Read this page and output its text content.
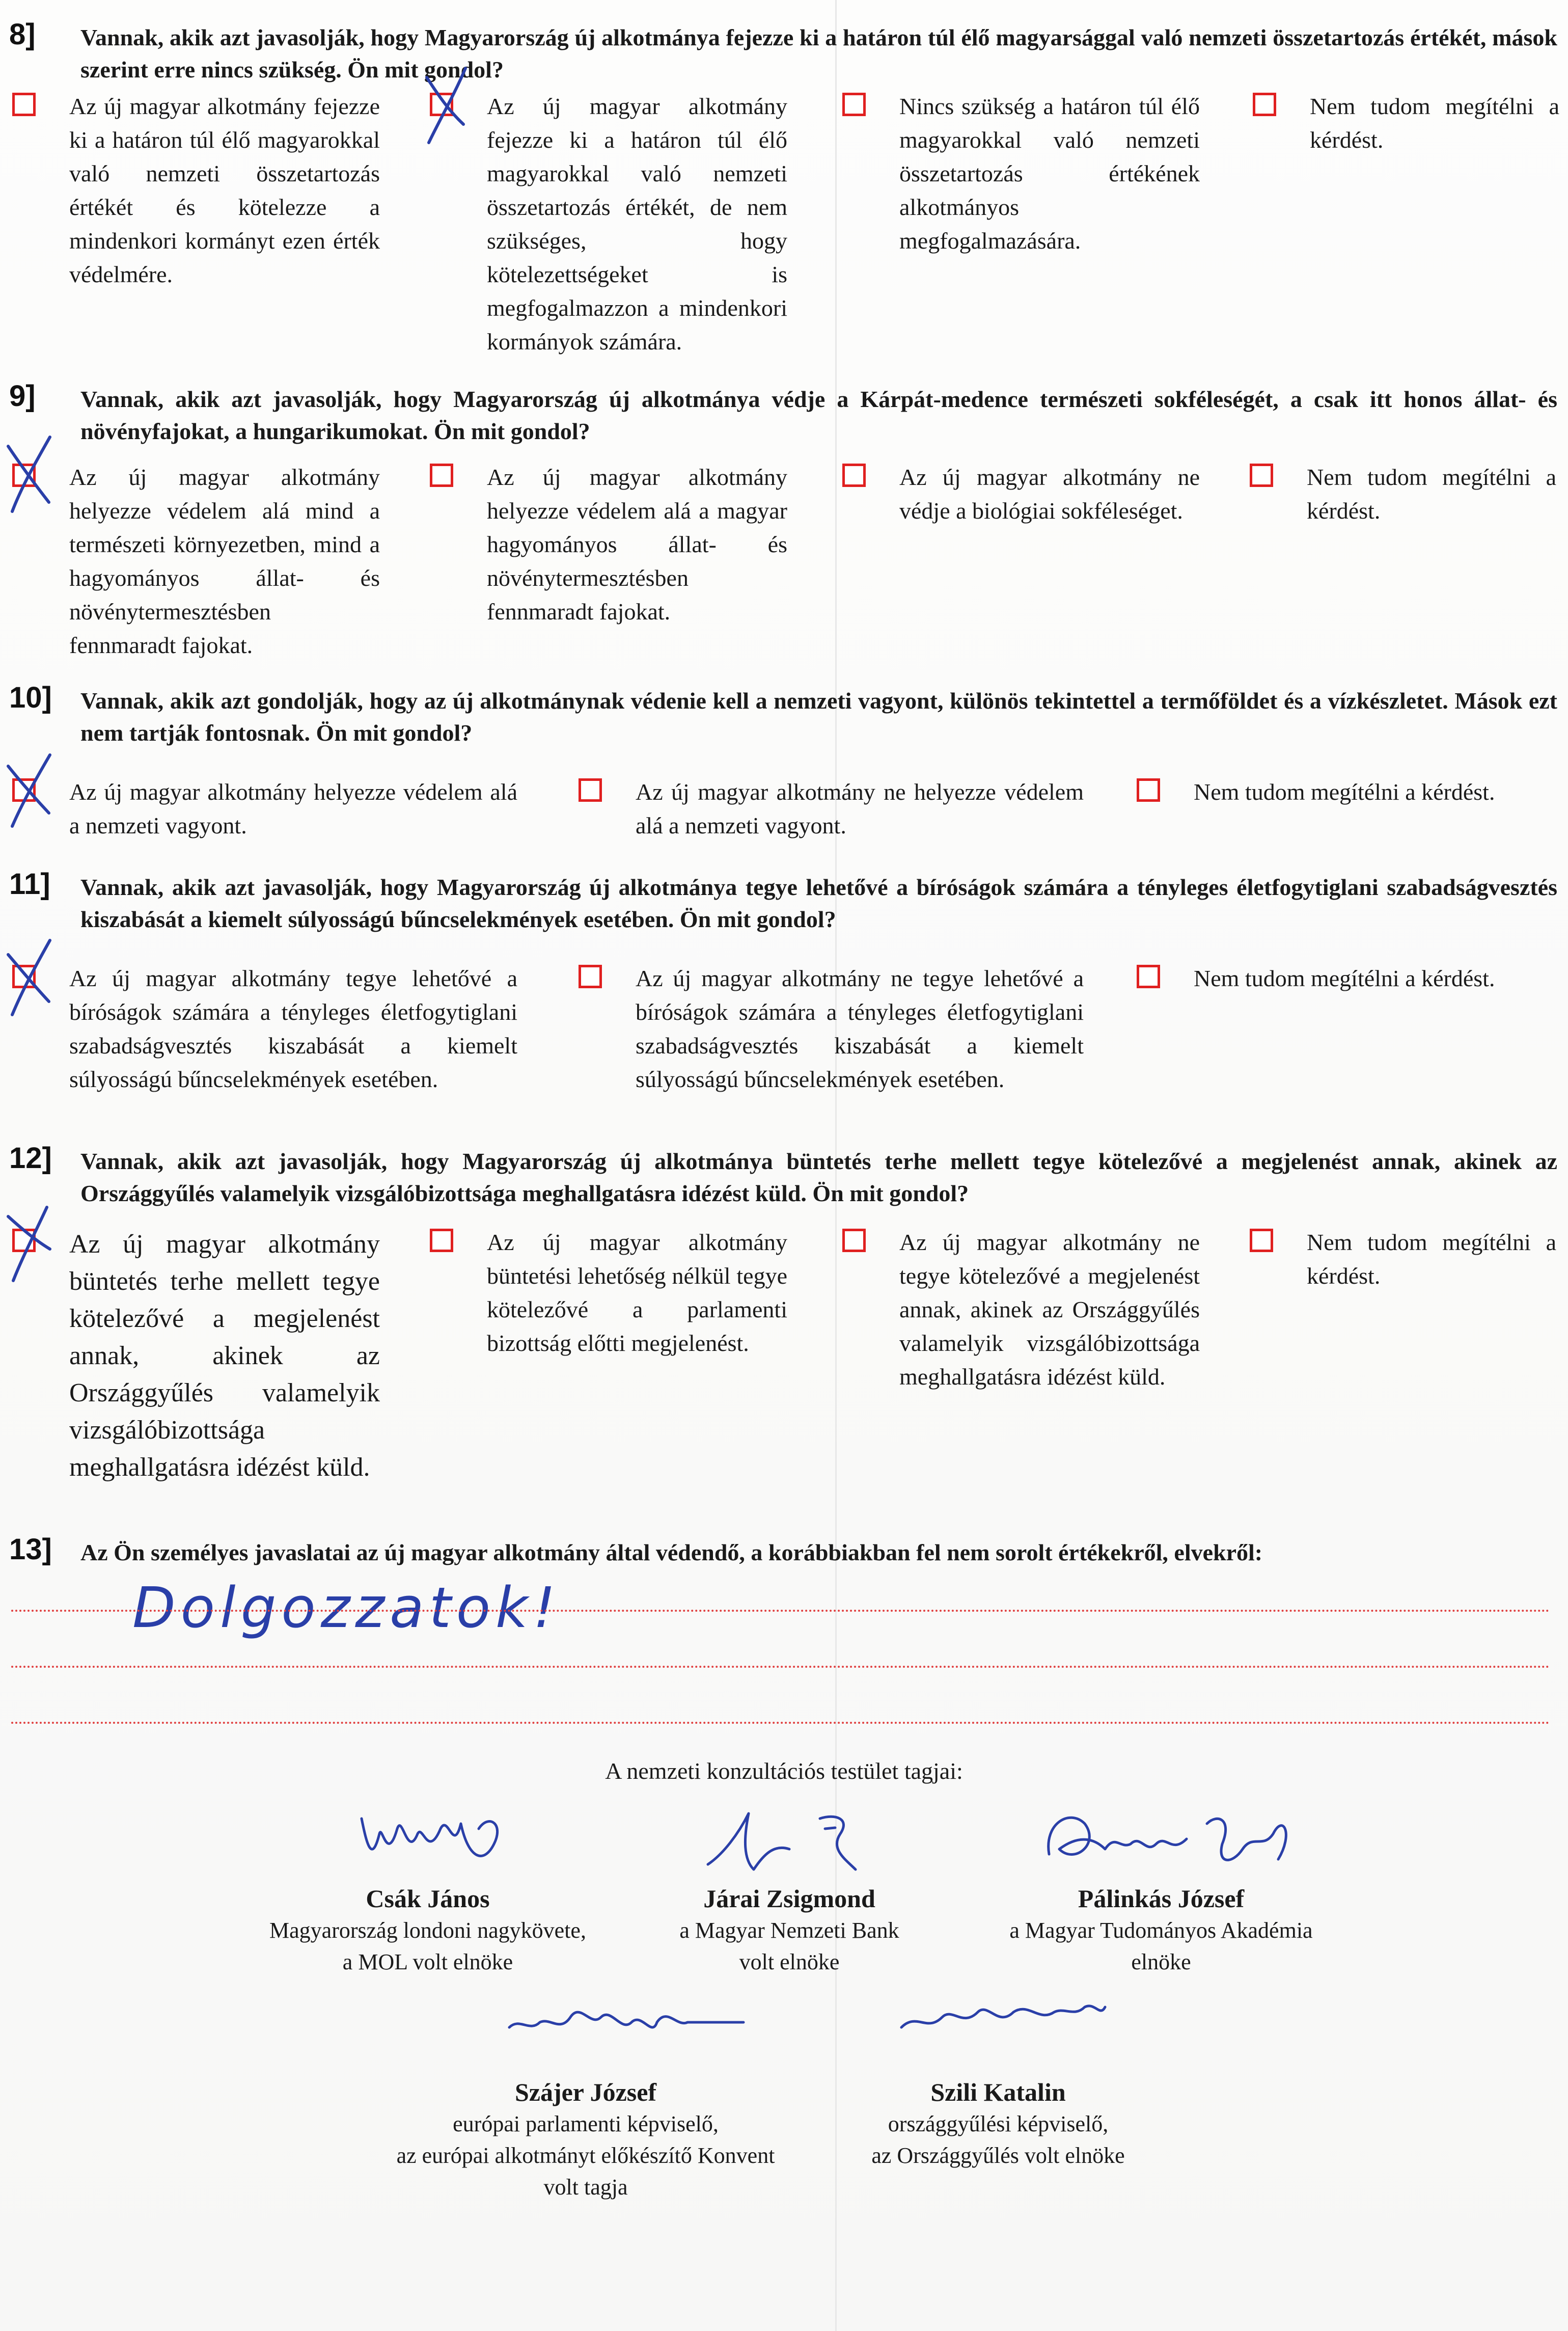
8] Vannak, akik azt javasolják, hogy Magyarország új alkotmánya fejezze ki a határon túl élő magyarsággal való nemzeti összetartozás értékét, mások szerint erre nincs szükség. Ön mit gondol?
Az új magyar alkotmány fejezze ki a határon túl élő magyarokkal való nemzeti összetartozás értékét és kötelezze a mindenkori kormányt ezen érték védelmére.
Az új magyar alkotmány fejezze ki a határon túl élő magyarokkal való nemzeti összetartozás értékét, de nem szükséges, hogy kötelezettségeket is megfogalmazzon a mindenkori kormányok számára.
Nincs szükség a határon túl élő magyarokkal való nemzeti összetartozás értékének alkotmányos megfogalmazására.
Nem tudom megítélni a kérdést.
9] Vannak, akik azt javasolják, hogy Magyarország új alkotmánya védje a Kárpát-medence természeti sokféleségét, a csak itt honos állat- és növényfajokat, a hungarikumokat. Ön mit gondol?
Az új magyar alkotmány helyezze védelem alá mind a természeti környezetben, mind a hagyományos állat- és növénytermesztésben fennmaradt fajokat.
Az új magyar alkotmány helyezze védelem alá a magyar hagyományos állat- és növénytermesztésben fennmaradt fajokat.
Az új magyar alkotmány ne védje a biológiai sokféleséget.
Nem tudom megítélni a kérdést.
10] Vannak, akik azt gondolják, hogy az új alkotmánynak védenie kell a nemzeti vagyont, különös tekintettel a termőföldet és a vízkészletet. Mások ezt nem tartják fontosnak. Ön mit gondol?
Az új magyar alkotmány helyezze védelem alá a nemzeti vagyont.
Az új magyar alkotmány ne helyezze védelem alá a nemzeti vagyont.
Nem tudom megítélni a kérdést.
11] Vannak, akik azt javasolják, hogy Magyarország új alkotmánya tegye lehetővé a bíróságok számára a tényleges életfogytiglani szabadságvesztés kiszabását a kiemelt súlyosságú bűncselekmények esetében. Ön mit gondol?
Az új magyar alkotmány tegye lehetővé a bíróságok számára a tényleges életfogytiglani szabadságvesztés kiszabását a kiemelt súlyosságú bűncselekmények esetében.
Az új magyar alkotmány ne tegye lehetővé a bíróságok számára a tényleges életfogytiglani szabadságvesztés kiszabását a kiemelt súlyosságú bűncselekmények esetében.
Nem tudom megítélni a kérdést.
12] Vannak, akik azt javasolják, hogy Magyarország új alkotmánya büntetés terhe mellett tegye kötelezővé a megjelenést annak, akinek az Országgyűlés valamelyik vizsgálóbizottsága meghallgatásra idézést küld. Ön mit gondol?
Az új magyar alkotmány büntetés terhe mellett tegye kötelezővé a megjelenést annak, akinek az Országgyűlés valamelyik vizsgálóbizottsága meghallgatásra idézést küld.
Az új magyar alkotmány büntetési lehetőség nélkül tegye kötelezővé a parlamenti bizottság előtti megjelenést.
Az új magyar alkotmány ne tegye kötelezővé a megjelenést annak, akinek az Országgyűlés valamelyik vizsgálóbizottsága meghallgatásra idézést küld.
Nem tudom megítélni a kérdést.
13] Az Ön személyes javaslatai az új magyar alkotmány által védendő, a korábbiakban fel nem sorolt értékekről, elvekről:
Dolgozzatok!
A nemzeti konzultációs testület tagjai:
Csák János
Magyarország londoni nagykövete,
a MOL volt elnöke
Járai Zsigmond
a Magyar Nemzeti Bank
volt elnöke
Pálinkás József
a Magyar Tudományos Akadémia
elnöke
Szájer József
európai parlamenti képviselő,
az európai alkotmányt előkészítő Konvent
volt tagja
Szili Katalin
országgyűlési képviselő,
az Országgyűlés volt elnöke
